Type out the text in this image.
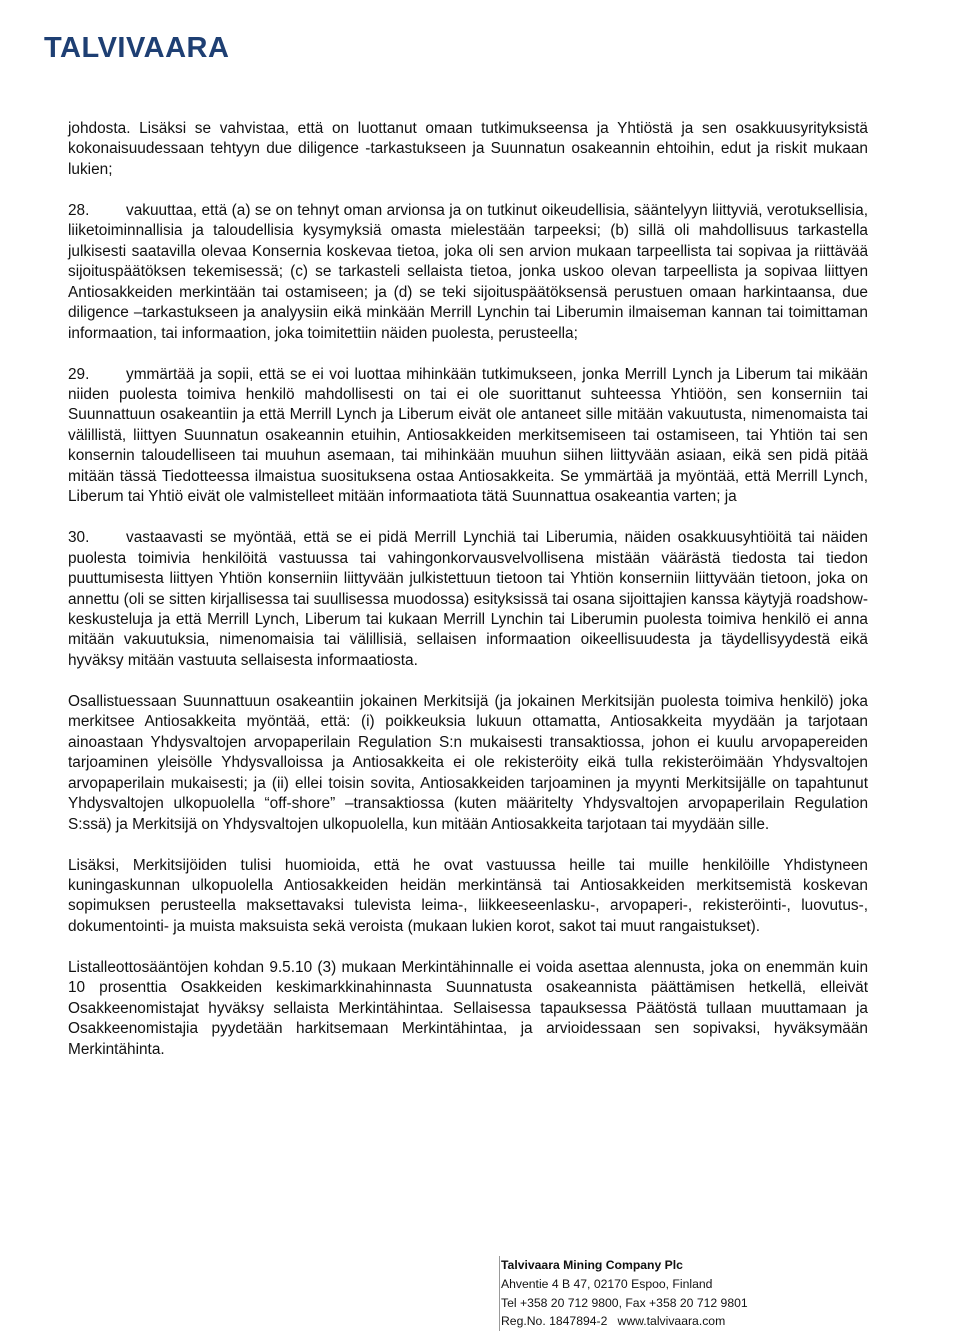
TALVIVAARA

johdosta. Lisäksi se vahvistaa, että on luottanut omaan tutkimukseensa ja Yhtiöstä ja sen osakkuusyrityksistä kokonaisuudessaan tehtyyn due diligence -tarkastukseen ja Suunnatun osakeannin ehtoihin, edut ja riskit mukaan lukien;

28. vakuuttaa, että (a) se on tehnyt oman arvionsa ja on tutkinut oikeudellisia, sääntelyyn liittyviä, verotuksellisia, liiketoiminnallisia ja taloudellisia kysymyksiä omasta mielestään tarpeeksi; (b) sillä oli mahdollisuus tarkastella julkisesti saatavilla olevaa Konsernia koskevaa tietoa, joka oli sen arvion mukaan tarpeellista tai sopivaa ja riittävää sijoituspäätöksen tekemisessä; (c) se tarkasteli sellaista tietoa, jonka uskoo olevan tarpeellista ja sopivaa liittyen Antiosakkeiden merkintään tai ostamiseen; ja (d) se teki sijoituspäätöksensä perustuen omaan harkintaansa, due diligence –tarkastukseen ja analyysiin eikä minkään Merrill Lynchin tai Liberumin ilmaiseman kannan tai toimittaman informaation, tai informaation, joka toimitettiin näiden puolesta, perusteella;

29. ymmärtää ja sopii, että se ei voi luottaa mihinkään tutkimukseen, jonka Merrill Lynch ja Liberum tai mikään niiden puolesta toimiva henkilö mahdollisesti on tai ei ole suorittanut suhteessa Yhtiöön, sen konserniin tai Suunnattuun osakeantiin ja että Merrill Lynch ja Liberum eivät ole antaneet sille mitään vakuutusta, nimenomaista tai välillistä, liittyen Suunnatun osakeannin etuihin, Antiosakkeiden merkitsemiseen tai ostamiseen, tai Yhtiön tai sen konsernin taloudelliseen tai muuhun asemaan, tai mihinkään muuhun siihen liittyvään asiaan, eikä sen pidä pitää mitään tässä Tiedotteessa ilmaistua suosituksena ostaa Antiosakkeita. Se ymmärtää ja myöntää, että Merrill Lynch, Liberum tai Yhtiö eivät ole valmistelleet mitään informaatiota tätä Suunnattua osakeantia varten; ja

30. vastaavasti se myöntää, että se ei pidä Merrill Lynchiä tai Liberumia, näiden osakkuusyhtiöitä tai näiden puolesta toimivia henkilöitä vastuussa tai vahingonkorvausvelvollisena mistään väärästä tiedosta tai tiedon puuttumisesta liittyen Yhtiön konserniin liittyvään julkistettuun tietoon tai Yhtiön konserniin liittyvään tietoon, joka on annettu (oli se sitten kirjallisessa tai suullisessa muodossa) esityksissä tai osana sijoittajien kanssa käytyjä roadshow-keskusteluja ja että Merrill Lynch, Liberum tai kukaan Merrill Lynchin tai Liberumin puolesta toimiva henkilö ei anna mitään vakuutuksia, nimenomaisia tai välillisiä, sellaisen informaation oikeellisuudesta ja täydellisyydestä eikä hyväksy mitään vastuuta sellaisesta informaatiosta.

Osallistuessaan Suunnattuun osakeantiin jokainen Merkitsijä (ja jokainen Merkitsijän puolesta toimiva henkilö) joka merkitsee Antiosakkeita myöntää, että: (i) poikkeuksia lukuun ottamatta, Antiosakkeita myydään ja tarjotaan ainoastaan Yhdysvaltojen arvopaperilain Regulation S:n mukaisesti transaktiossa, johon ei kuulu arvopapereiden tarjoaminen yleisölle Yhdysvalloissa ja Antiosakkeita ei ole rekisteröity eikä tulla rekisteröimään Yhdysvaltojen arvopaperilain mukaisesti; ja (ii) ellei toisin sovita, Antiosakkeiden tarjoaminen ja myynti Merkitsijälle on tapahtunut Yhdysvaltojen ulkopuolella “off-shore” –transaktiossa (kuten määritelty Yhdysvaltojen arvopaperilain Regulation S:ssä) ja Merkitsijä on Yhdysvaltojen ulkopuolella, kun mitään Antiosakkeita tarjotaan tai myydään sille.

Lisäksi, Merkitsijöiden tulisi huomioida, että he ovat vastuussa heille tai muille henkilöille Yhdistyneen kuningaskunnan ulkopuolella Antiosakkeiden heidän merkintänsä tai Antiosakkeiden merkitsemistä koskevan sopimuksen perusteella maksettavaksi tulevista leima-, liikkeeseenlasku-, arvopaperi-, rekisteröinti-, luovutus-, dokumentointi- ja muista maksuista sekä veroista (mukaan lukien korot, sakot tai muut rangaistukset).

Listalleottosääntöjen kohdan 9.5.10 (3) mukaan Merkintähinnalle ei voida asettaa alennusta, joka on enemmän kuin 10 prosenttia Osakkeiden keskimarkkinahinnasta Suunnatusta osakeannista päättämisen hetkellä, elleivät Osakkeenomistajat hyväksy sellaista Merkintähintaa. Sellaisessa tapauksessa Päätöstä tullaan muuttamaan ja Osakkeenomistajia pyydetään harkitsemaan Merkintähintaa, ja arvioidessaan sen sopivaksi, hyväksymään Merkintähinta.

Talvivaara Mining Company Plc
Ahventie 4 B 47, 02170 Espoo, Finland
Tel +358 20 712 9800, Fax +358 20 712 9801
Reg.No. 1847894-2   www.talvivaara.com
